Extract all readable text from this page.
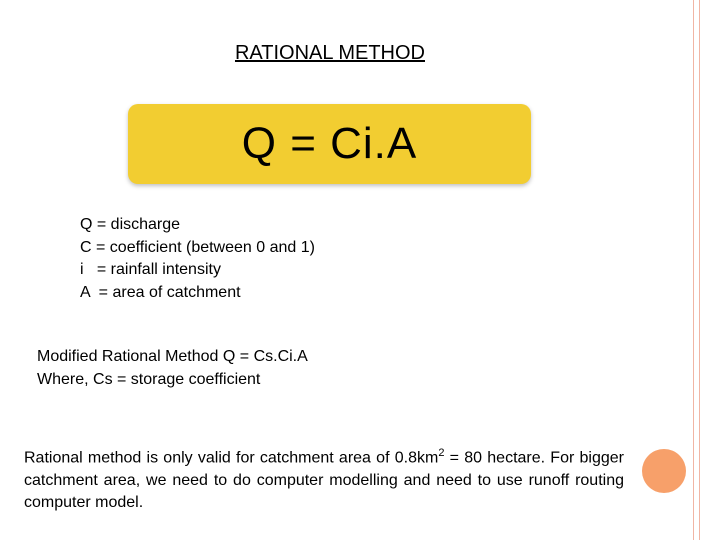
RATIONAL METHOD
Q = Ci.A
Q = discharge
C = coefficient (between 0 and 1)
i   = rainfall intensity
A  = area of catchment
Modified Rational Method Q = Cs.Ci.A
Where, Cs = storage coefficient
Rational method is only valid for catchment area of $0.8km^2 = 80$ hectare. For bigger catchment area, we need to do computer modelling and need to use runoff routing computer model.
